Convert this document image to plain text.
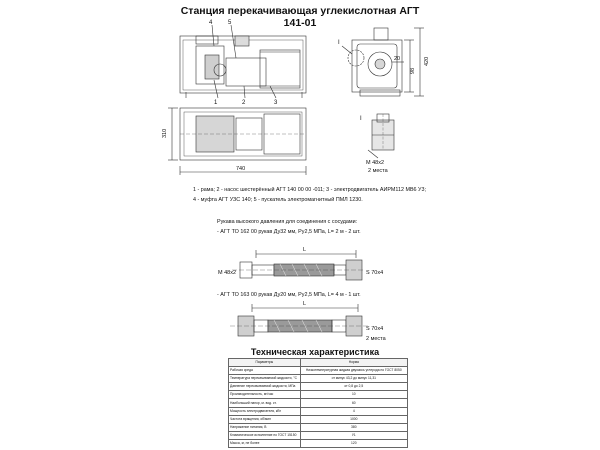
Станция перекачивающая углекислотная АГТ 141-01
4	5
1	2	3
I
I
740
310
420
98
20
М 48х2
2 места
L
М 48х2	S 70х4
L
S 70х4
2 места
1 - рама; 2 - насос шестерённый АГТ 140 00 00 -011; 3 - электродвигатель АИРМ112 МВ6 У3;
4 - муфта АГТ УЗС 140; 5 - пускатель электромагнитный ПМЛ 1230.
Рукава высокого давления для соединения с сосудами:
- АГТ ТО 162 00 рукав Ду32 мм, Ру2,5 МПа, L= 2 м - 2 шт.
- АГТ ТО 163 00 рукав Ду20 мм, Ру2,5 МПа, L= 4 м - 1 шт.
Техническая характеристика
Параметры	Норма
Рабочая среда	Низкотемпературная жидкая двуокись углерода по ГОСТ 8050
Температура перекачиваемой жидкости, °С	от минус 43,2 до минус 11,31
Давление перекачиваемой жидкости, МПа	от 0,8 до 2,5
Производительность, м³/час	10
Наибольший напор, м. вод. ст.	60
Мощность электродвигателя, кВт	4
Частота вращения, об/мин	1000
Напряжение питания, В	380
Климатическое исполнение по ГОСТ 15150	У1
Масса, кг, не более	120
